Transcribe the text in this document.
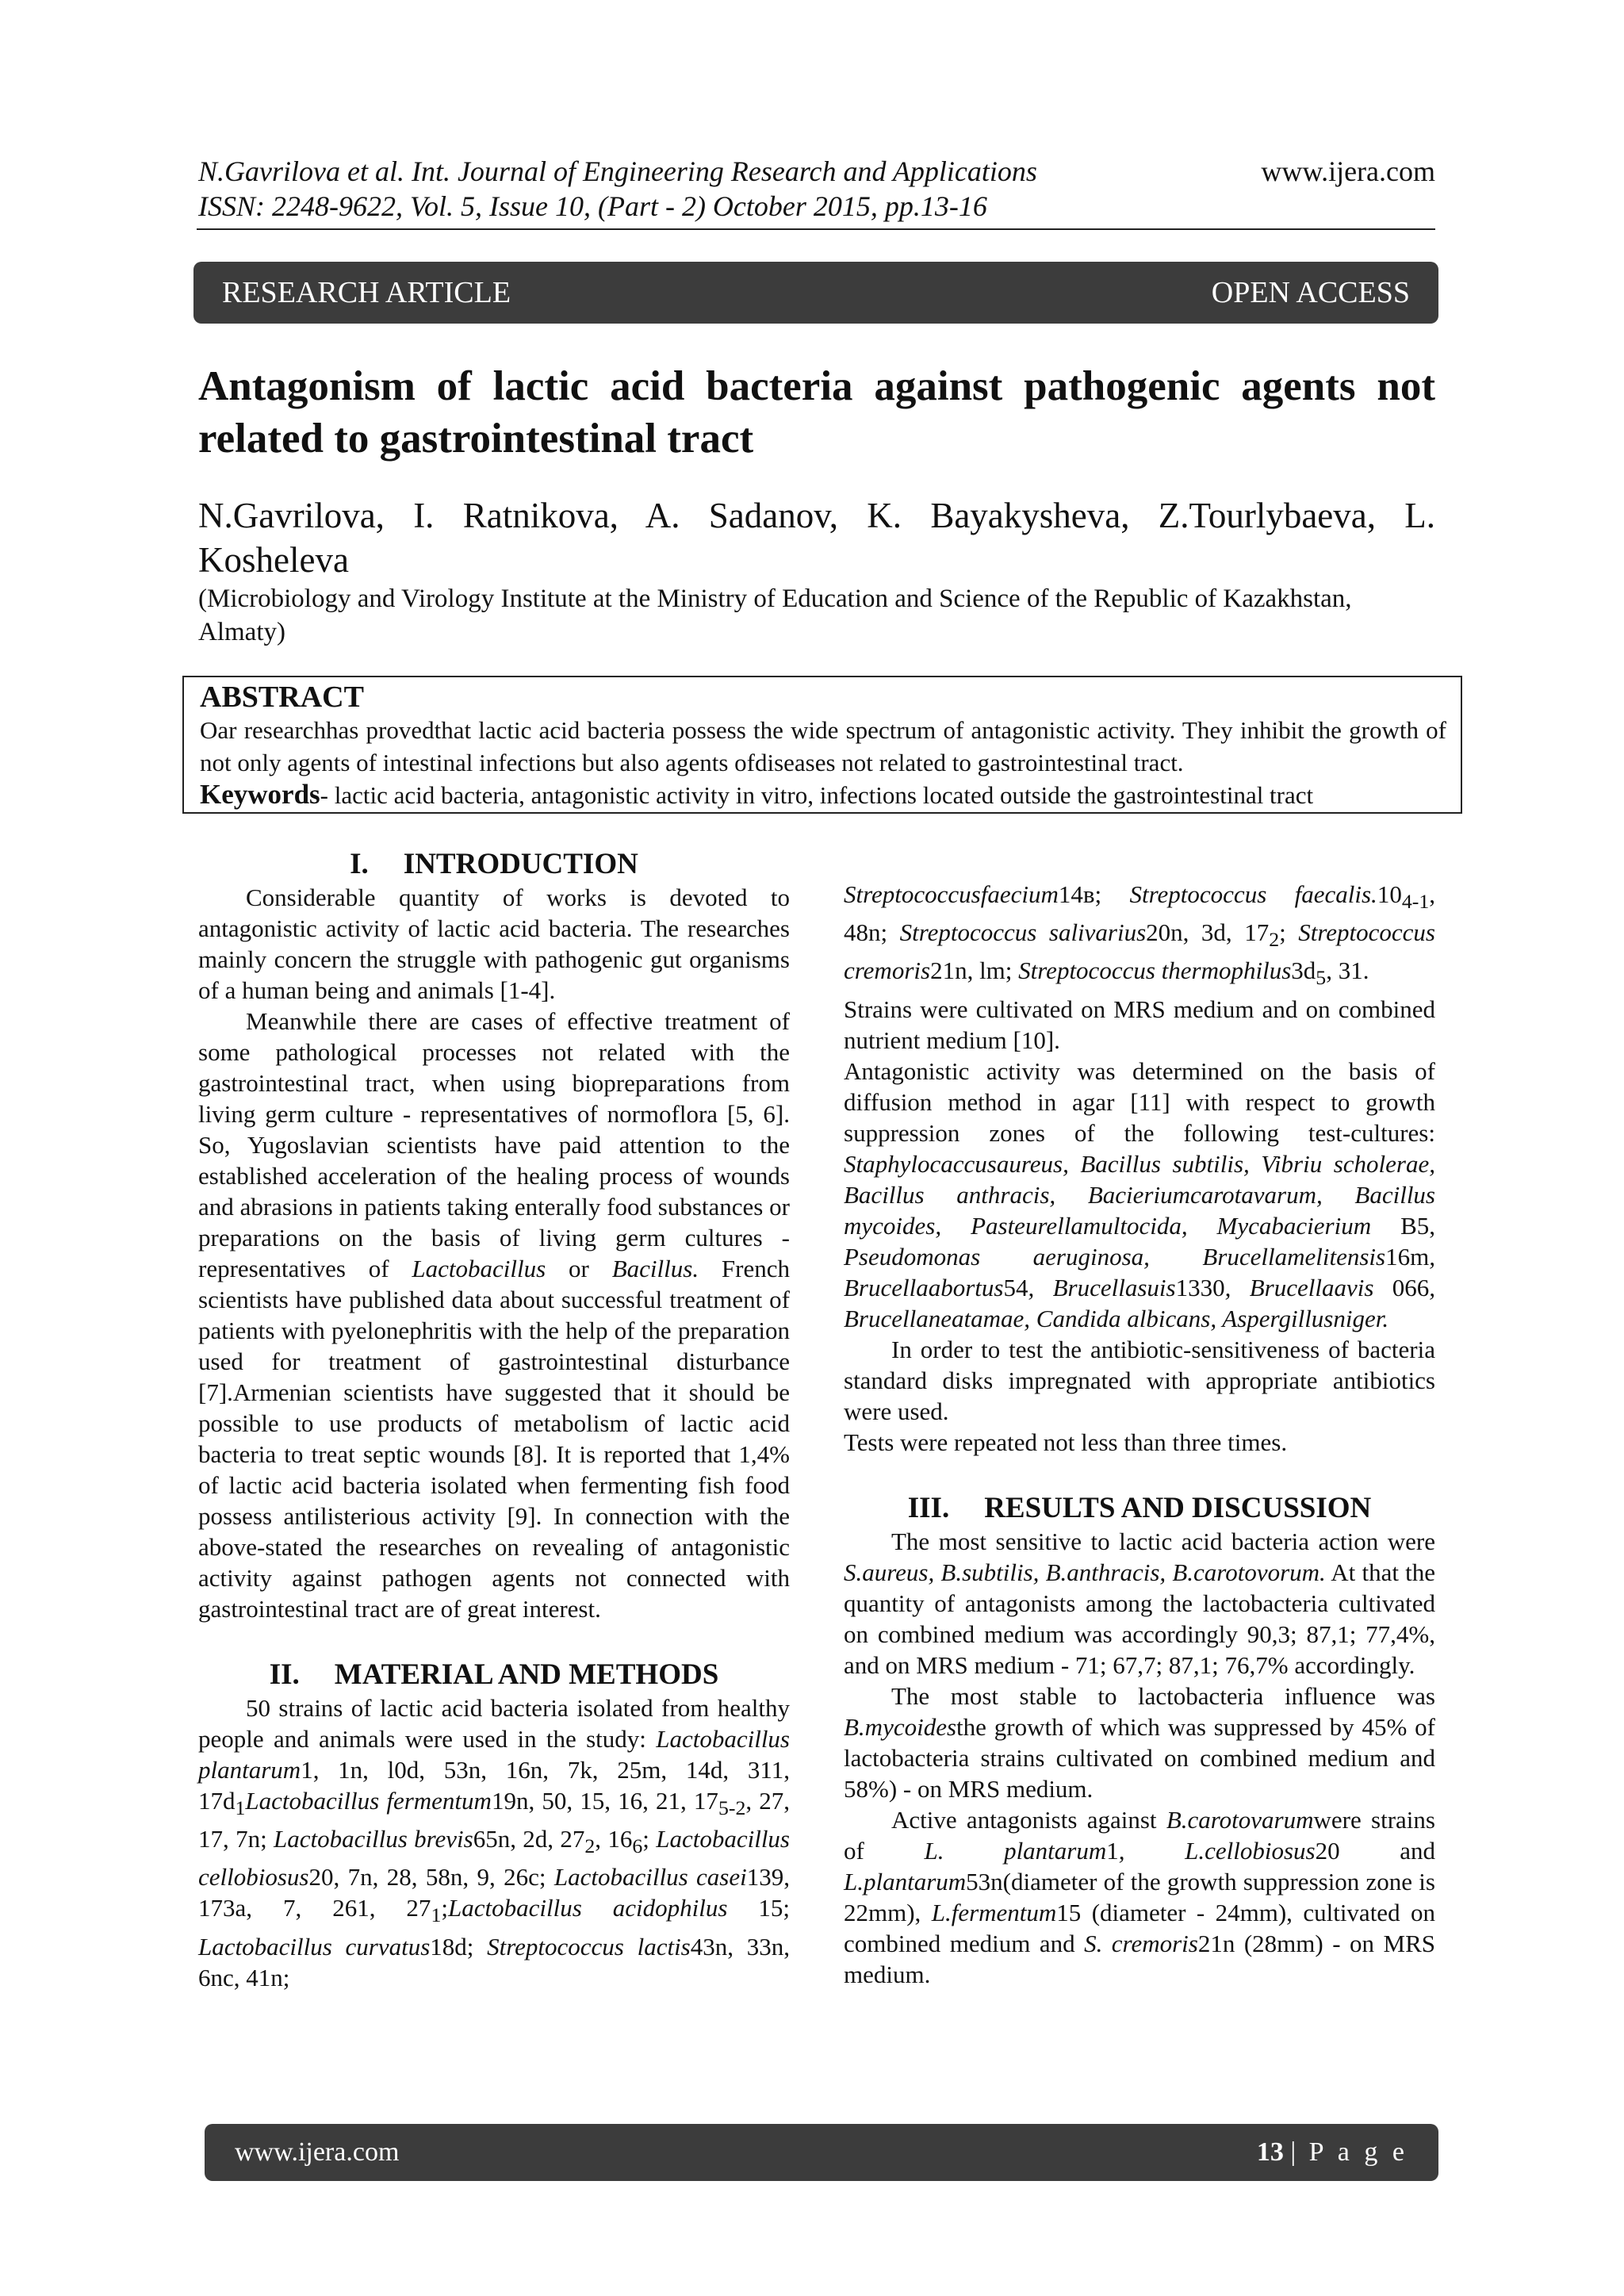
N.Gavrilova et al. Int. Journal of Engineering Research and Applications
ISSN: 2248-9622, Vol. 5, Issue 10, (Part - 2) October 2015, pp.13-16
www.ijera.com
RESEARCH ARTICLE	OPEN ACCESS
Antagonism of lactic acid bacteria against pathogenic agents not related to gastrointestinal tract
N.Gavrilova, I. Ratnikova, A. Sadanov, K. Bayakysheva, Z.Tourlybaeva, L. Kosheleva
(Microbiology and Virology Institute at the Ministry of Education and Science of the Republic of Kazakhstan, Almaty)
ABSTRACT

Oar researchhas provedthat lactic acid bacteria possess the wide spectrum of antagonistic activity. They inhibit the growth of not only agents of intestinal infections but also agents ofdiseases not related to gastrointestinal tract.

Keywords- lactic acid bacteria, antagonistic activity in vitro, infections located outside the gastrointestinal tract
I. INTRODUCTION

Considerable quantity of works is devoted to antagonistic activity of lactic acid bacteria. The researches mainly concern the struggle with pathogenic gut organisms of a human being and animals [1-4].

Meanwhile there are cases of effective treatment of some pathological processes not related with the gastrointestinal tract, when using biopreparations from living germ culture - representatives of normoflora [5, 6]. So, Yugoslavian scientists have paid attention to the established acceleration of the healing process of wounds and abrasions in patients taking enterally food substances or preparations on the basis of living germ cultures - representatives of Lactobacillus or Bacillus. French scientists have published data about successful treatment of patients with pyelonephritis with the help of the preparation used for treatment of gastrointestinal disturbance [7].Armenian scientists have suggested that it should be possible to use products of metabolism of lactic acid bacteria to treat septic wounds [8]. It is reported that 1,4% of lactic acid bacteria isolated when fermenting fish food possess antilisterious activity [9]. In connection with the above-stated the researches on revealing of antagonistic activity against pathogen agents not connected with gastrointestinal tract are of great interest.

II. MATERIAL AND METHODS

50 strains of lactic acid bacteria isolated from healthy people and animals were used in the study: Lactobacillus plantarum1, 1n, l0d, 53n, 16n, 7k, 25m, 14d, 311, $17d_1Lactobacillus$ fermentum19n, 50, 15, 16, 21, $17_{5-2}$, 27, 17, 7n; Lactobacillus brevis65n, 2d, $27_2$, $16_6$; Lactobacillus cellobiosus20, 7n, 28, 58n, 9, 26c; Lactobacillus casei139, 173a, 7, 261, $27_1;Lactobacillus$ acidophilus 15; Lactobacillus curvatus18d; Streptococcus lactis43n, 33n, 6nc, 41n;

Streptococcusfaecium14в; Streptococcus $faecalis.10_{4-1}$, 48n; Streptococcus salivarius20n, 3d, $17_2$; Streptococcus cremoris21n, lm; Streptococcus $thermophilus3d_5$, 31.

Strains were cultivated on MRS medium and on combined nutrient medium [10].

Antagonistic activity was determined on the basis of diffusion method in agar [11] with respect to growth suppression zones of the following test-cultures: Staphylocaccusaureus, Bacillus subtilis, Vibriu scholerae, Bacillus anthracis, Bacieriumcarotavarum, Bacillus mycoides, Pasteurellamultocida, Mycabacierium B5, Pseudomonas aeruginosa, Brucellamelitensis16m, Brucellaabortus54, Brucellasuis1330, Brucellaavis 066, Brucellaneatamae, Candida albicans, Aspergillusniger.

In order to test the antibiotic-sensitiveness of bacteria standard disks impregnated with appropriate antibiotics were used.

Tests were repeated not less than three times.

III. RESULTS AND DISCUSSION

The most sensitive to lactic acid bacteria action were S.aureus, B.subtilis, B.anthracis, B.carotovorum. At that the quantity of antagonists among the lactobacteria cultivated on combined medium was accordingly 90,3; 87,1; 77,4%, and on MRS medium - 71; 67,7; 87,1; 76,7% accordingly.

The most stable to lactobacteria influence was B.mycoidesthe growth of which was suppressed by 45% of lactobacteria strains cultivated on combined medium and 58%) - on MRS medium.

Active antagonists against B.carotovarumwere strains of L. plantarum1, L.cellobiosus20 and L.plantarum53n(diameter of the growth suppression zone is 22mm), L.fermentum15 (diameter - 24mm), cultivated on combined medium and S. cremoris21n (28mm) - on MRS medium.

www.ijera.com	13 | P a g e
